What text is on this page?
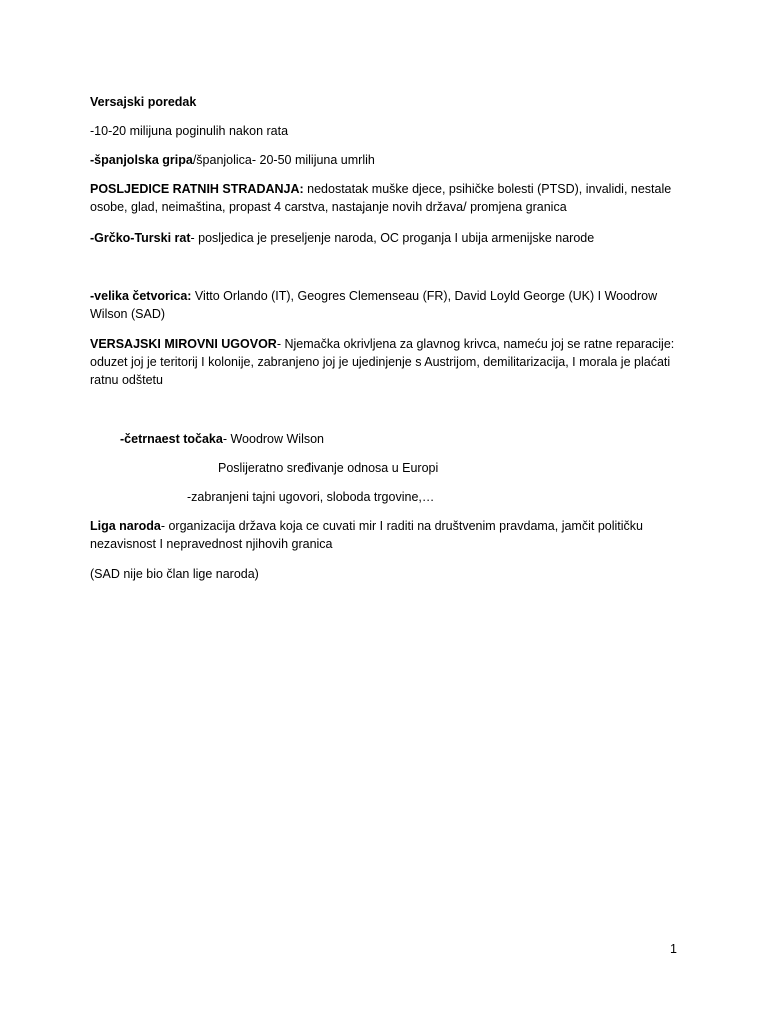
Versajski poredak

-10-20 milijuna poginulih nakon rata

-španjolska gripa/španjolica- 20-50 milijuna umrlih

POSLJEDICE RATNIH STRADANJA: nedostatak muške djece, psihičke bolesti (PTSD), invalidi, nestale osobe, glad, neimaština, propast 4 carstva, nastajanje novih država/ promjena granica

-Grčko-Turski rat- posljedica je preseljenje naroda, OC proganja I ubija armenijske narode

-velika četvorica: Vitto Orlando (IT), Geogres Clemenseau (FR), David Loyld George (UK) I Woodrow Wilson (SAD)

VERSAJSKI MIROVNI UGOVOR- Njemačka okrivljena za glavnog krivca, nameću joj se ratne reparacije: oduzet joj je teritorij I kolonije, zabranjeno joj je ujedinjenje s Austrijom, demilitarizacija, I morala je plaćati ratnu odštetu

-četrnaest točaka- Woodrow Wilson

Poslijeratno sređivanje odnosa u Europi

-zabranjeni tajni ugovori, sloboda trgovine,…

Liga naroda- organizacija država koja ce cuvati mir I raditi na društvenim pravdama, jamčit političku nezavisnost I nepravednost njihovih granica

(SAD nije bio član lige naroda)

1
